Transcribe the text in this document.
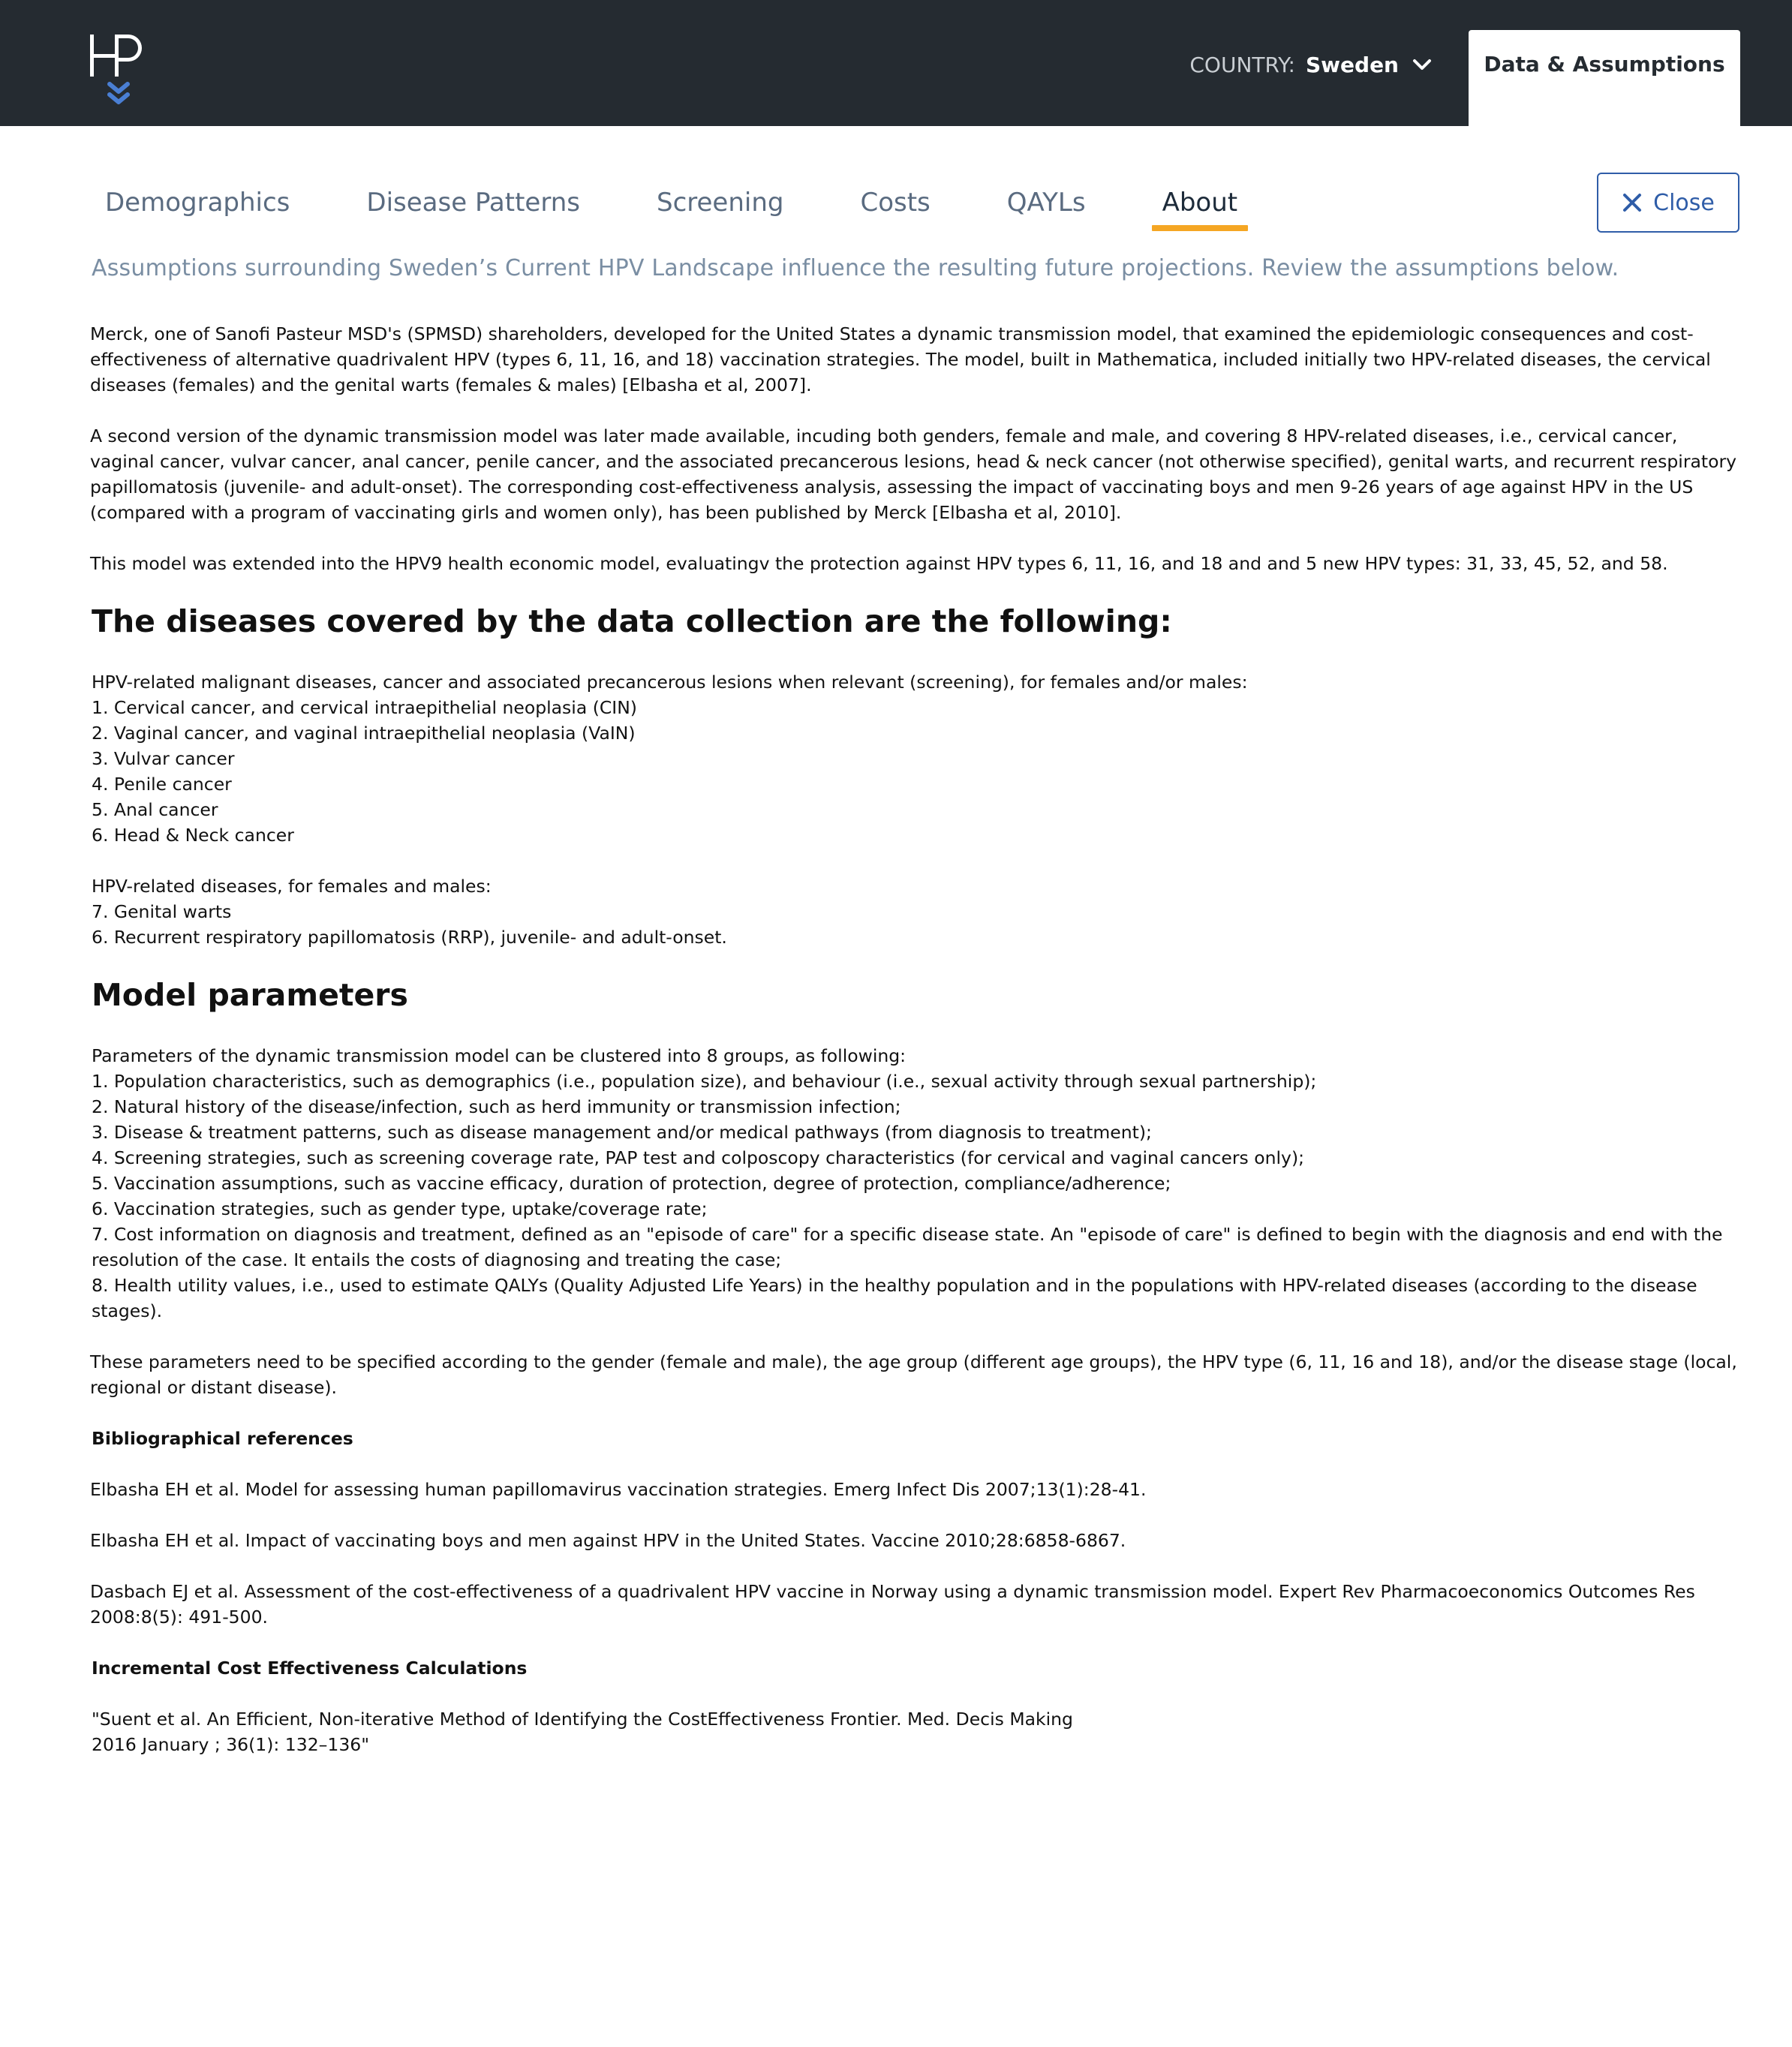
COUNTRY: Sweden	Data & Assumptions
Demographics	Disease Patterns	Screening	Costs	QAYLs	About	Close
Assumptions surrounding Sweden’s Current HPV Landscape influence the resulting future projections. Review the assumptions below.

Merck, one of Sanofi Pasteur MSD's (SPMSD) shareholders, developed for the United States a dynamic transmission model, that examined the epidemiologic consequences and cost-effectiveness of alternative quadrivalent HPV (types 6, 11, 16, and 18) vaccination strategies. The model, built in Mathematica, included initially two HPV-related diseases, the cervical diseases (females) and the genital warts (females & males) [Elbasha et al, 2007].

A second version of the dynamic transmission model was later made available, incuding both genders, female and male, and covering 8 HPV-related diseases, i.e., cervical cancer, vaginal cancer, vulvar cancer, anal cancer, penile cancer, and the associated precancerous lesions, head & neck cancer (not otherwise specified), genital warts, and recurrent respiratory papillomatosis (juvenile- and adult-onset). The corresponding cost-effectiveness analysis, assessing the impact of vaccinating boys and men 9-26 years of age against HPV in the US (compared with a program of vaccinating girls and women only), has been published by Merck [Elbasha et al, 2010].

This model was extended into the HPV9 health economic model, evaluatingv the protection against HPV types 6, 11, 16, and 18 and and 5 new HPV types: 31, 33, 45, 52, and 58.

The diseases covered by the data collection are the following:
HPV-related malignant diseases, cancer and associated precancerous lesions when relevant (screening), for females and/or males:
1. Cervical cancer, and cervical intraepithelial neoplasia (CIN)
2. Vaginal cancer, and vaginal intraepithelial neoplasia (VaIN)
3. Vulvar cancer
4. Penile cancer
5. Anal cancer
6. Head & Neck cancer
HPV-related diseases, for females and males:
7. Genital warts
6. Recurrent respiratory papillomatosis (RRP), juvenile- and adult-onset.
Model parameters
Parameters of the dynamic transmission model can be clustered into 8 groups, as following:
1. Population characteristics, such as demographics (i.e., population size), and behaviour (i.e., sexual activity through sexual partnership);
2. Natural history of the disease/infection, such as herd immunity or transmission infection;
3. Disease & treatment patterns, such as disease management and/or medical pathways (from diagnosis to treatment);
4. Screening strategies, such as screening coverage rate, PAP test and colposcopy characteristics (for cervical and vaginal cancers only);
5. Vaccination assumptions, such as vaccine efficacy, duration of protection, degree of protection, compliance/adherence;
6. Vaccination strategies, such as gender type, uptake/coverage rate;
7. Cost information on diagnosis and treatment, defined as an "episode of care" for a specific disease state. An "episode of care" is defined to begin with the diagnosis and end with the resolution of the case. It entails the costs of diagnosing and treating the case;
8. Health utility values, i.e., used to estimate QALYs (Quality Adjusted Life Years) in the healthy population and in the populations with HPV-related diseases (according to the disease stages).

These parameters need to be specified according to the gender (female and male), the age group (different age groups), the HPV type (6, 11, 16 and 18), and/or the disease stage (local, regional or distant disease).

Bibliographical references

Elbasha EH et al. Model for assessing human papillomavirus vaccination strategies. Emerg Infect Dis 2007;13(1):28-41.

Elbasha EH et al. Impact of vaccinating boys and men against HPV in the United States. Vaccine 2010;28:6858-6867.

Dasbach EJ et al. Assessment of the cost-effectiveness of a quadrivalent HPV vaccine in Norway using a dynamic transmission model. Expert Rev Pharmacoeconomics Outcomes Res 2008:8(5): 491-500.

Incremental Cost Effectiveness Calculations
"Suent et al. An Efficient, Non-iterative Method of Identifying the CostEffectiveness Frontier. Med. Decis Making
2016 January ; 36(1): 132–136"
